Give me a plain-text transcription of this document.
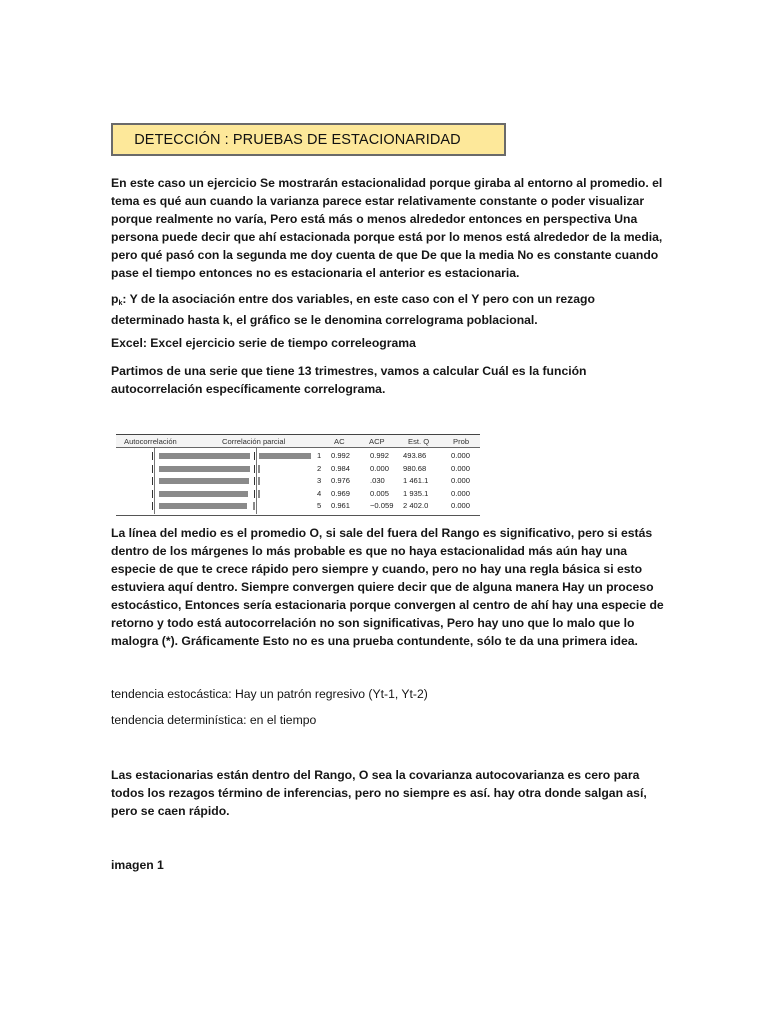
DETECCIÓN : PRUEBAS DE ESTACIONARIDAD
En este caso un ejercicio Se mostrarán estacionalidad porque giraba al entorno al promedio. el tema es qué aun cuando la varianza parece estar relativamente constante o poder visualizar porque realmente no varía, Pero está más o menos alrededor entonces en perspectiva Una persona puede decir que ahí estacionada porque está por lo menos está alrededor de la media, pero qué pasó con la segunda me doy cuenta de que De que la media No es constante cuando pase el tiempo entonces no es estacionaria el anterior es estacionaria.
pk: Y de la asociación entre dos variables, en este caso con el Y pero con un rezago determinado hasta k, el gráfico se le denomina correlograma poblacional.
Excel: Excel ejercicio serie de tiempo correleograma
Partimos de una serie que tiene 13 trimestres, vamos a calcular Cuál es la función autocorrelación específicamente correlograma.
Autocorrelación	Correlación parcial	AC	ACP	Est. Q	Prob
1 0.992	0.992 493.86	0.000
2 0.984	0.000 980.68	0.000
3 0.976	.030 1 461.1	0.000
4 0.969	0.005 1 935.1	0.000
5 0.961	−0.059 2 402.0	0.000
La línea del medio es el promedio O, si sale del fuera del Rango es significativo, pero si estás dentro de los márgenes lo más probable es que no haya estacionalidad más aún hay una especie de que te crece rápido pero siempre y cuando, pero no hay una regla básica si esto estuviera aquí dentro. Siempre convergen quiere decir que de alguna manera Hay un proceso estocástico, Entonces sería estacionaria porque convergen al centro de ahí hay una especie de retorno y todo está autocorrelación no son significativas, Pero hay uno que lo malo que lo malogra (*). Gráficamente Esto no es una prueba contundente, sólo te da una primera idea.
tendencia estocástica: Hay un patrón regresivo (Yt-1, Yt-2)
tendencia determinística: en el tiempo
Las estacionarias están dentro del Rango, O sea la covarianza autocovarianza es cero para todos los rezagos término de inferencias, pero no siempre es así. hay otra donde salgan así, pero se caen rápido.
imagen 1
